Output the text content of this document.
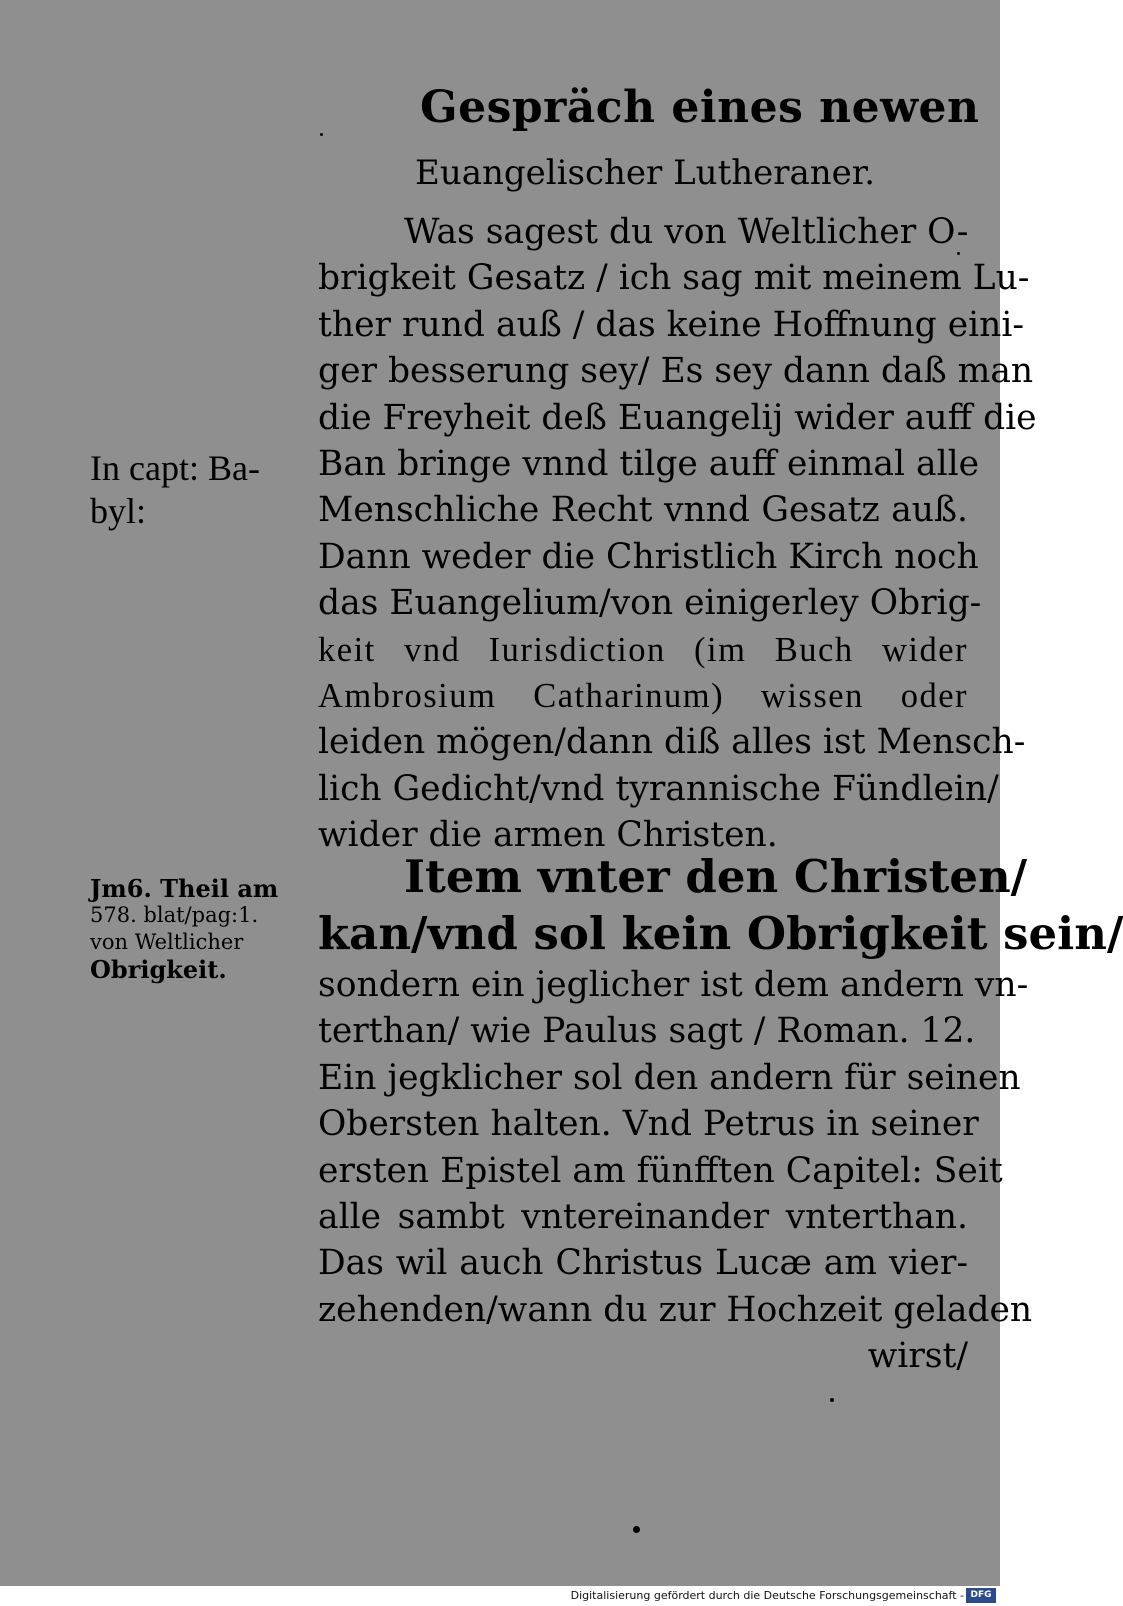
Gespräch eines newen
Euangelischer Lutheraner.
In capt: Ba-
byl:
Jm6. Theil am
578. blat/pag:1.
von Weltlicher
Obrigkeit.
Was sagest du von Weltlicher O-
brigkeit Gesatz / ich sag mit meinem Lu-
ther rund auß / das keine Hoffnung eini-
ger besserung sey/ Es sey dann daß man
die Freyheit deß Euangelij wider auff die
Ban bringe vnnd tilge auff einmal alle
Menschliche Recht vnnd Gesatz auß.
Dann weder die Christlich Kirch noch
das Euangelium/von einigerley Obrig-
keit vnd Iurisdiction (im Buch wider
Ambrosium Catharinum) wissen oder
leiden mögen/dann diß alles ist Mensch-
lich Gedicht/vnd tyrannische Fündlein/
wider die armen Christen.
Item vnter den Christen/
kan/vnd sol kein Obrigkeit sein/
sondern ein jeglicher ist dem andern vn-
terthan/ wie Paulus sagt / Roman. 12.
Ein jegklicher sol den andern für seinen
Obersten halten. Vnd Petrus in seiner
ersten Epistel am fünfften Capitel: Seit
alle sambt vntereinander vnterthan.
Das wil auch Christus Lucæ am vier-
zehenden/wann du zur Hochzeit geladen
wirst/
Digitalisierung gefördert durch die Deutsche Forschungsgemeinschaft - DFG
